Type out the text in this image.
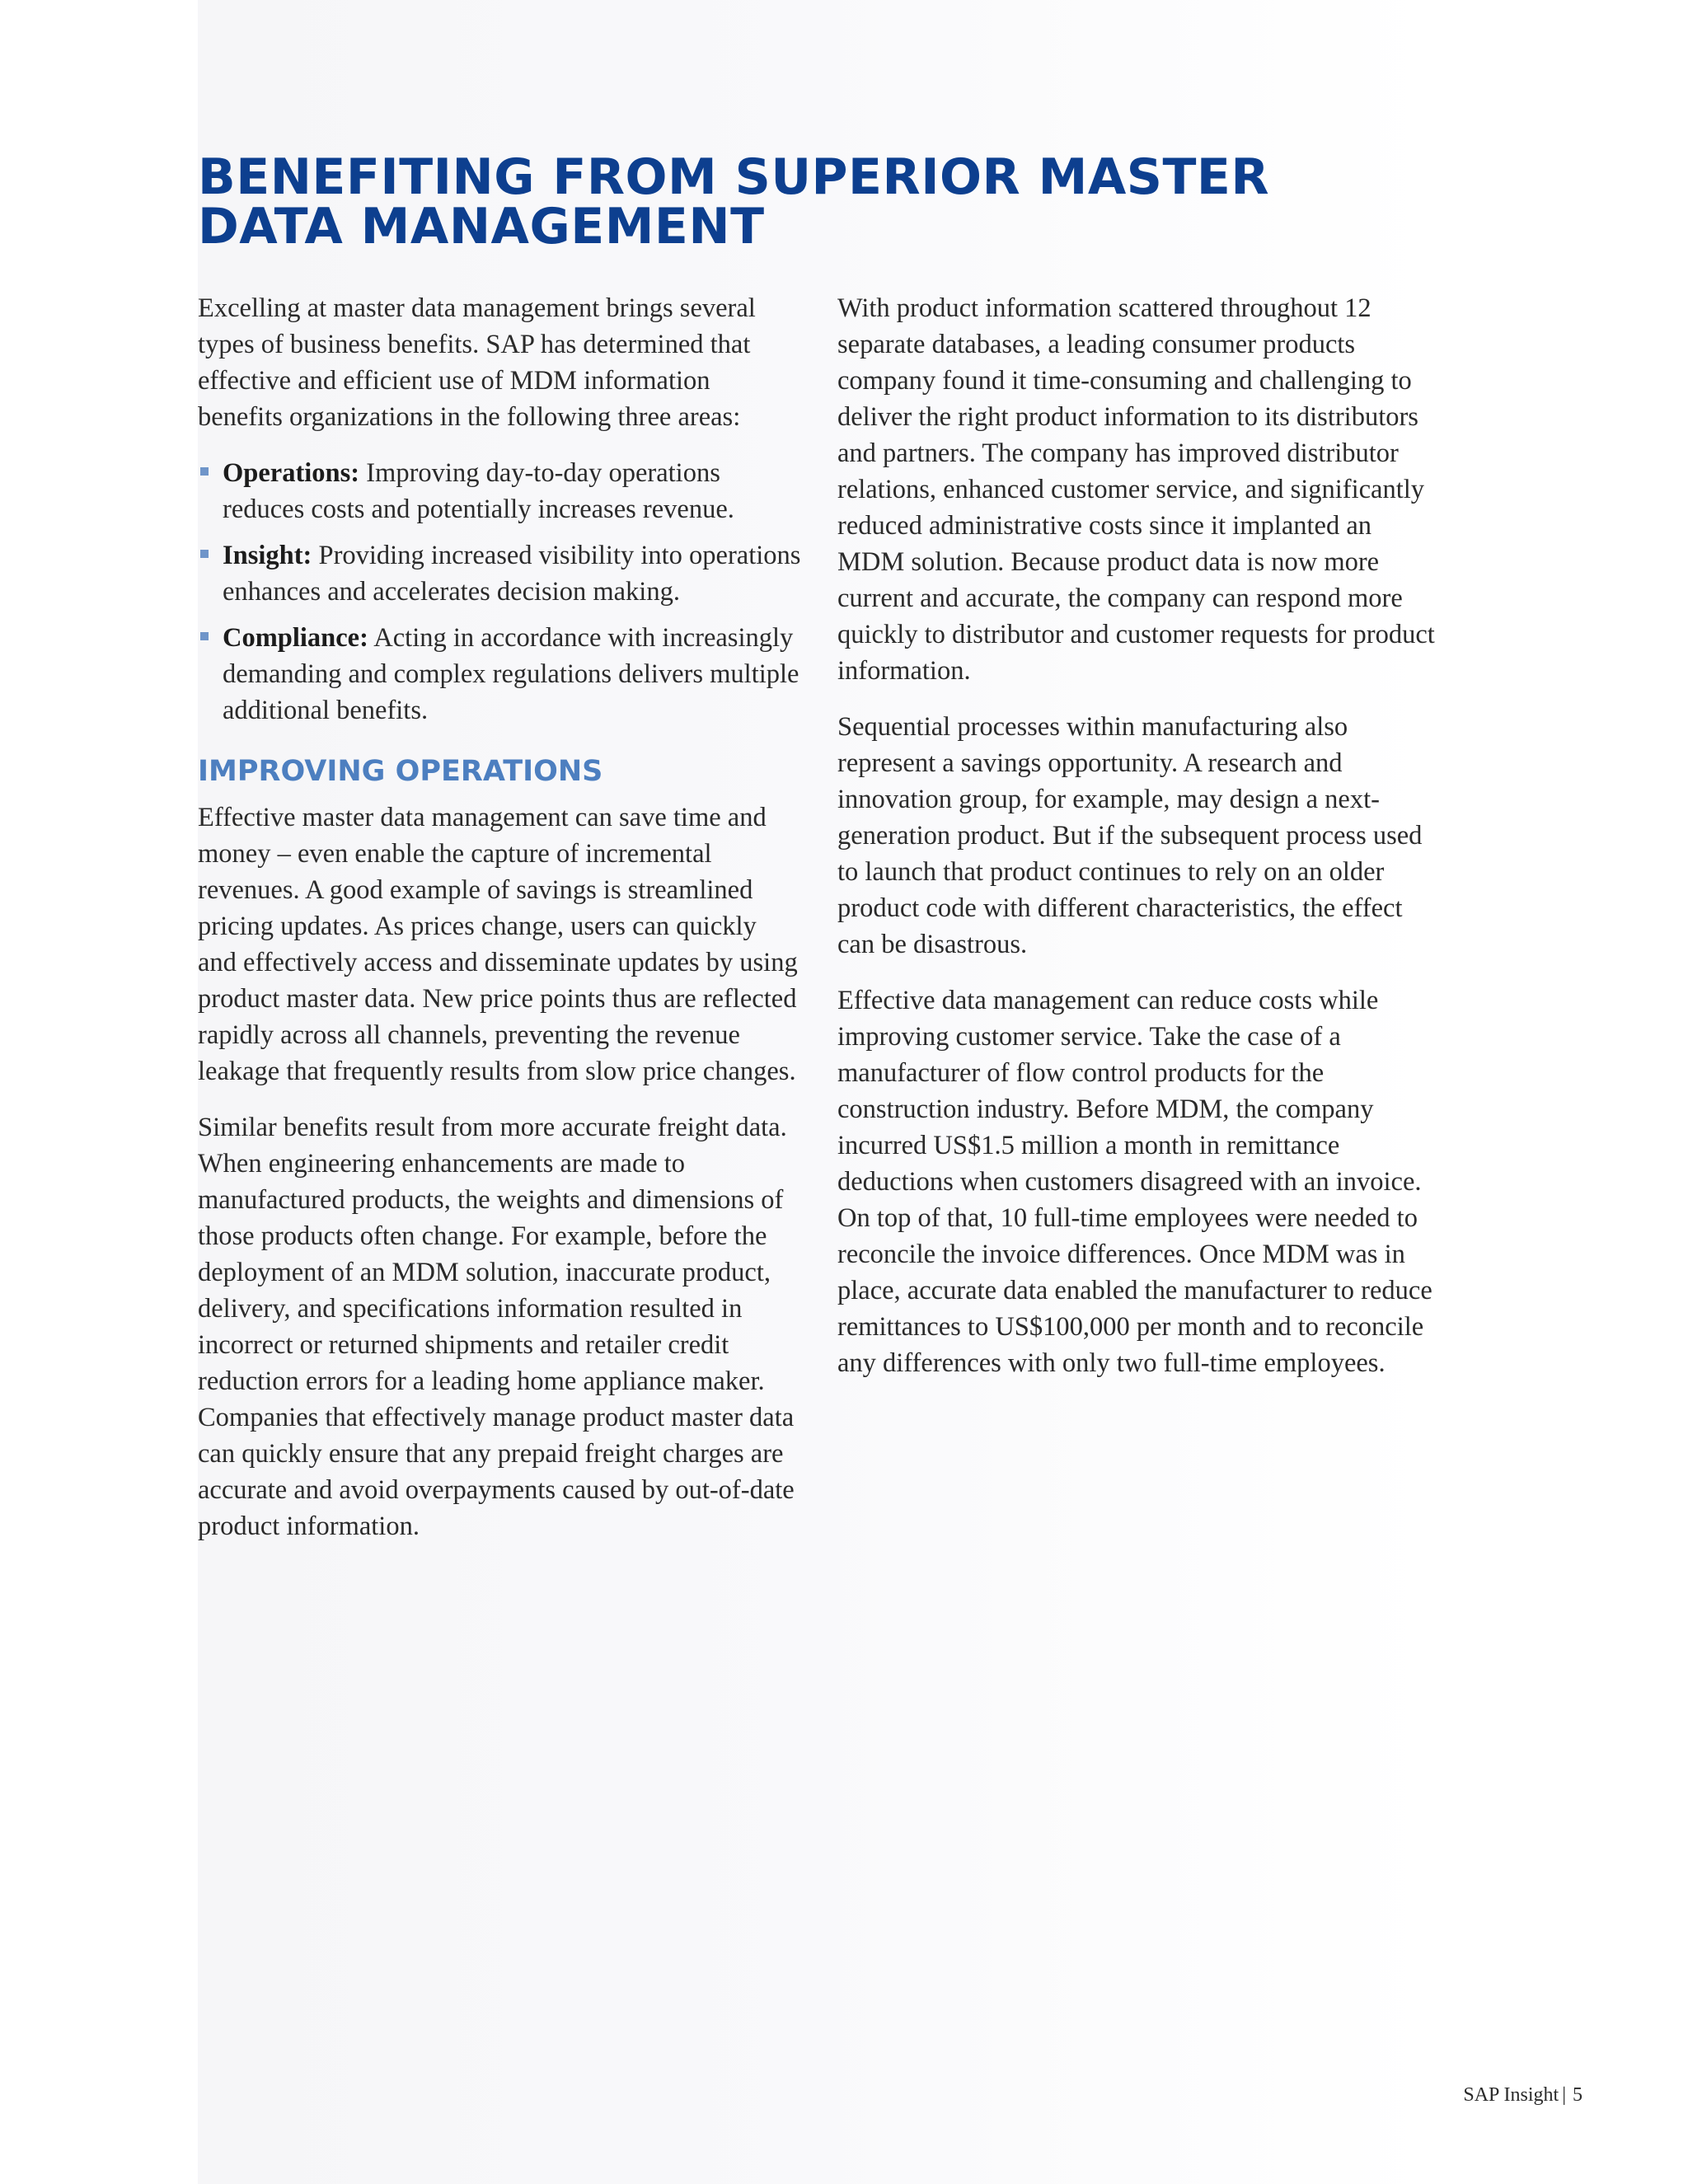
BENEFITING FROM SUPERIOR MASTER
DATA MANAGEMENT

Excelling at master data management brings several types of business benefits. SAP has determined that effective and efficient use of MDM information benefits organizations in the following three areas:

Operations: Improving day-to-day operations reduces costs and potentially increases revenue.
Insight: Providing increased visibility into operations enhances and accelerates decision making.
Compliance: Acting in accordance with increasingly demanding and complex regulations delivers multiple additional benefits.
IMPROVING OPERATIONS

Effective master data management can save time and money – even enable the capture of incremental revenues. A good example of savings is streamlined pricing updates. As prices change, users can quickly and effectively access and disseminate updates by using product master data. New price points thus are reflected rapidly across all channels, preventing the revenue leakage that frequently results from slow price changes.

Similar benefits result from more accurate freight data. When engineering enhancements are made to manufactured products, the weights and dimensions of those products often change. For example, before the deployment of an MDM solution, inaccurate product, delivery, and specifications information resulted in incorrect or returned shipments and retailer credit reduction errors for a leading home appliance maker. Companies that effectively manage product master data can quickly ensure that any prepaid freight charges are accurate and avoid overpayments caused by out-of-date product information.

With product information scattered throughout 12 separate databases, a leading consumer products company found it time-consuming and challenging to deliver the right product information to its distributors and partners. The company has improved distributor relations, enhanced customer service, and significantly reduced administrative costs since it implanted an MDM solution. Because product data is now more current and accurate, the company can respond more quickly to distributor and customer requests for product information.

Sequential processes within manufacturing also represent a savings opportunity. A research and innovation group, for example, may design a next-generation product. But if the subsequent process used to launch that product continues to rely on an older product code with different characteristics, the effect can be disastrous.

Effective data management can reduce costs while improving customer service. Take the case of a manufacturer of flow control products for the construction industry. Before MDM, the company incurred US$1.5 million a month in remittance deductions when customers disagreed with an invoice. On top of that, 10 full-time employees were needed to reconcile the invoice differences. Once MDM was in place, accurate data enabled the manufacturer to reduce remittances to US$100,000 per month and to reconcile any differences with only two full-time employees.

SAP Insight | 5
